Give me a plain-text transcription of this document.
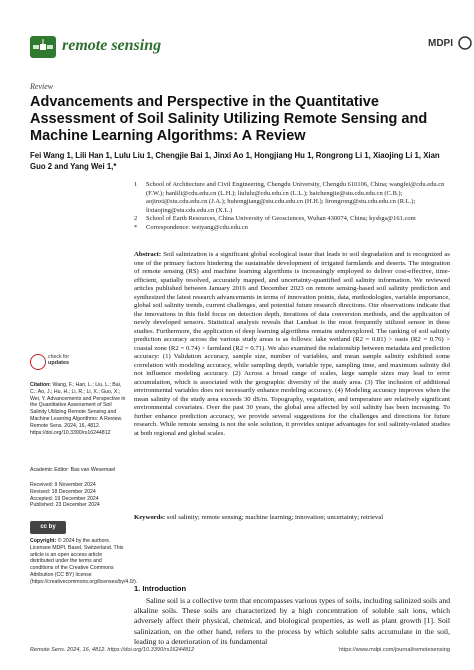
remote sensing	MDPI
Review
Advancements and Perspective in the Quantitative Assessment of Soil Salinity Utilizing Remote Sensing and Machine Learning Algorithms: A Review
Fei Wang 1, Lili Han 1, Lulu Liu 1, Chengjie Bai 1, Jinxi Ao 1, Hongjiang Hu 1, Rongrong Li 1, Xiaojing Li 1, Xian Guo 2 and Yang Wei 1,*
1 School of Architecture and Civil Engineering, Chengdu University, Chengdu 610106, China; wangfei@cdu.edu.cn (F.W.); hanlili@cdu.edu.cn (L.H.); liululu@cdu.edu.cn (L.L.); baichengjie@stu.cdu.edu.cn (C.B.); aojinxi@stu.cdu.edu.cn (J.A.); huhongjiang@stu.cdu.edu.cn (H.H.); lirongrong@stu.cdu.edu.cn (R.L.); lixiaojing@stu.cdu.edu.cn (X.L.)
2 School of Earth Resources, China University of Geosciences, Wuhan 430074, China; kysbgs@161.com
* Correspondence: weiyang@cdu.edu.cn
Abstract: Soil salinization is a significant global ecological issue that leads to soil degradation and is recognized as one of the primary factors hindering the sustainable development of irrigated farmlands and deserts. The integration of remote sensing (RS) and machine learning algorithms is increasingly employed to deliver cost-effective, time-efficient, spatially resolved, accurately mapped, and uncertainty-quantified soil salinity information. We reviewed articles published between January 2016 and December 2023 on remote sensing-based soil salinity prediction and synthesized the latest research advancements in terms of innovation points, data, methodologies, variable importance, global soil salinity trends, current challenges, and potential future research directions. Our observations indicate that the innovations in this field focus on detection depth, iterations of data conversion methods, and the application of newly developed sensors. Statistical analysis reveals that Landsat is the most frequently utilized sensor in these studies. Furthermore, the application of deep learning algorithms remains underexplored. The ranking of soil salinity prediction accuracy across the various study areas is as follows: lake wetland (R2 = 0.81) > oasis (R2 = 0.76) > coastal zone (R2 = 0.74) > farmland (R2 = 0.71). We also examined the relationship between metadata and prediction accuracy: (1) Validation accuracy, sample size, number of variables, and mean sample salinity exhibited some correlation with modeling accuracy, while sampling depth, variable type, sampling time, and maximum salinity did not influence modeling accuracy. (2) Across a broad range of scales, large sample sizes may lead to error accumulation, which is associated with the geographic diversity of the study area. (3) The inclusion of additional environmental variables does not necessarily enhance modeling accuracy. (4) Modeling accuracy improves when the mean salinity of the study area exceeds 30 dS/m. Topography, vegetation, and temperature are relatively significant environmental covariates. Over the past 30 years, the global area affected by soil salinity has been increasing. To further enhance prediction accuracy, we provide several suggestions for the challenges and directions for future research. While remote sensing is not the sole solution, it provides unique advantages for soil salinity-related studies at both regional and global scales.
Keywords: soil salinity; remote sensing; machine learning; innovation; uncertainty; retrieval
check for
updates
Citation: Wang, F.; Han, L.; Liu, L.; Bai, C.; Ao, J.; Hu, H.; Li, R.; Li, X.; Guo, X.; Wei, Y. Advancements and Perspective in the Quantitative Assessment of Soil Salinity Utilizing Remote Sensing and Machine Learning Algorithms: A Review. Remote Sens. 2024, 16, 4812. https://doi.org/10.3390/rs16244812
Academic Editor: Bas van Wesemael
Received: 9 November 2024
Revised: 18 December 2024
Accepted: 19 December 2024
Published: 23 December 2024
cc by
Copyright: © 2024 by the authors. Licensee MDPI, Basel, Switzerland. This article is an open access article distributed under the terms and conditions of the Creative Commons Attribution (CC BY) license (https://creativecommons.org/licenses/by/4.0/).
1. Introduction
Saline soil is a collective term that encompasses various types of soils, including salinized soils and alkaline soils. These soils are characterized by a high concentration of soluble salt ions, which adversely affect their physical, chemical, and biological properties, as well as plant growth [1]. Soil salinization, on the other hand, refers to the process by which soluble salts accumulate in the soil, leading to a deterioration of its fundamental
Remote Sens. 2024, 16, 4812. https://doi.org/10.3390/rs16244812	https://www.mdpi.com/journal/remotesensing
